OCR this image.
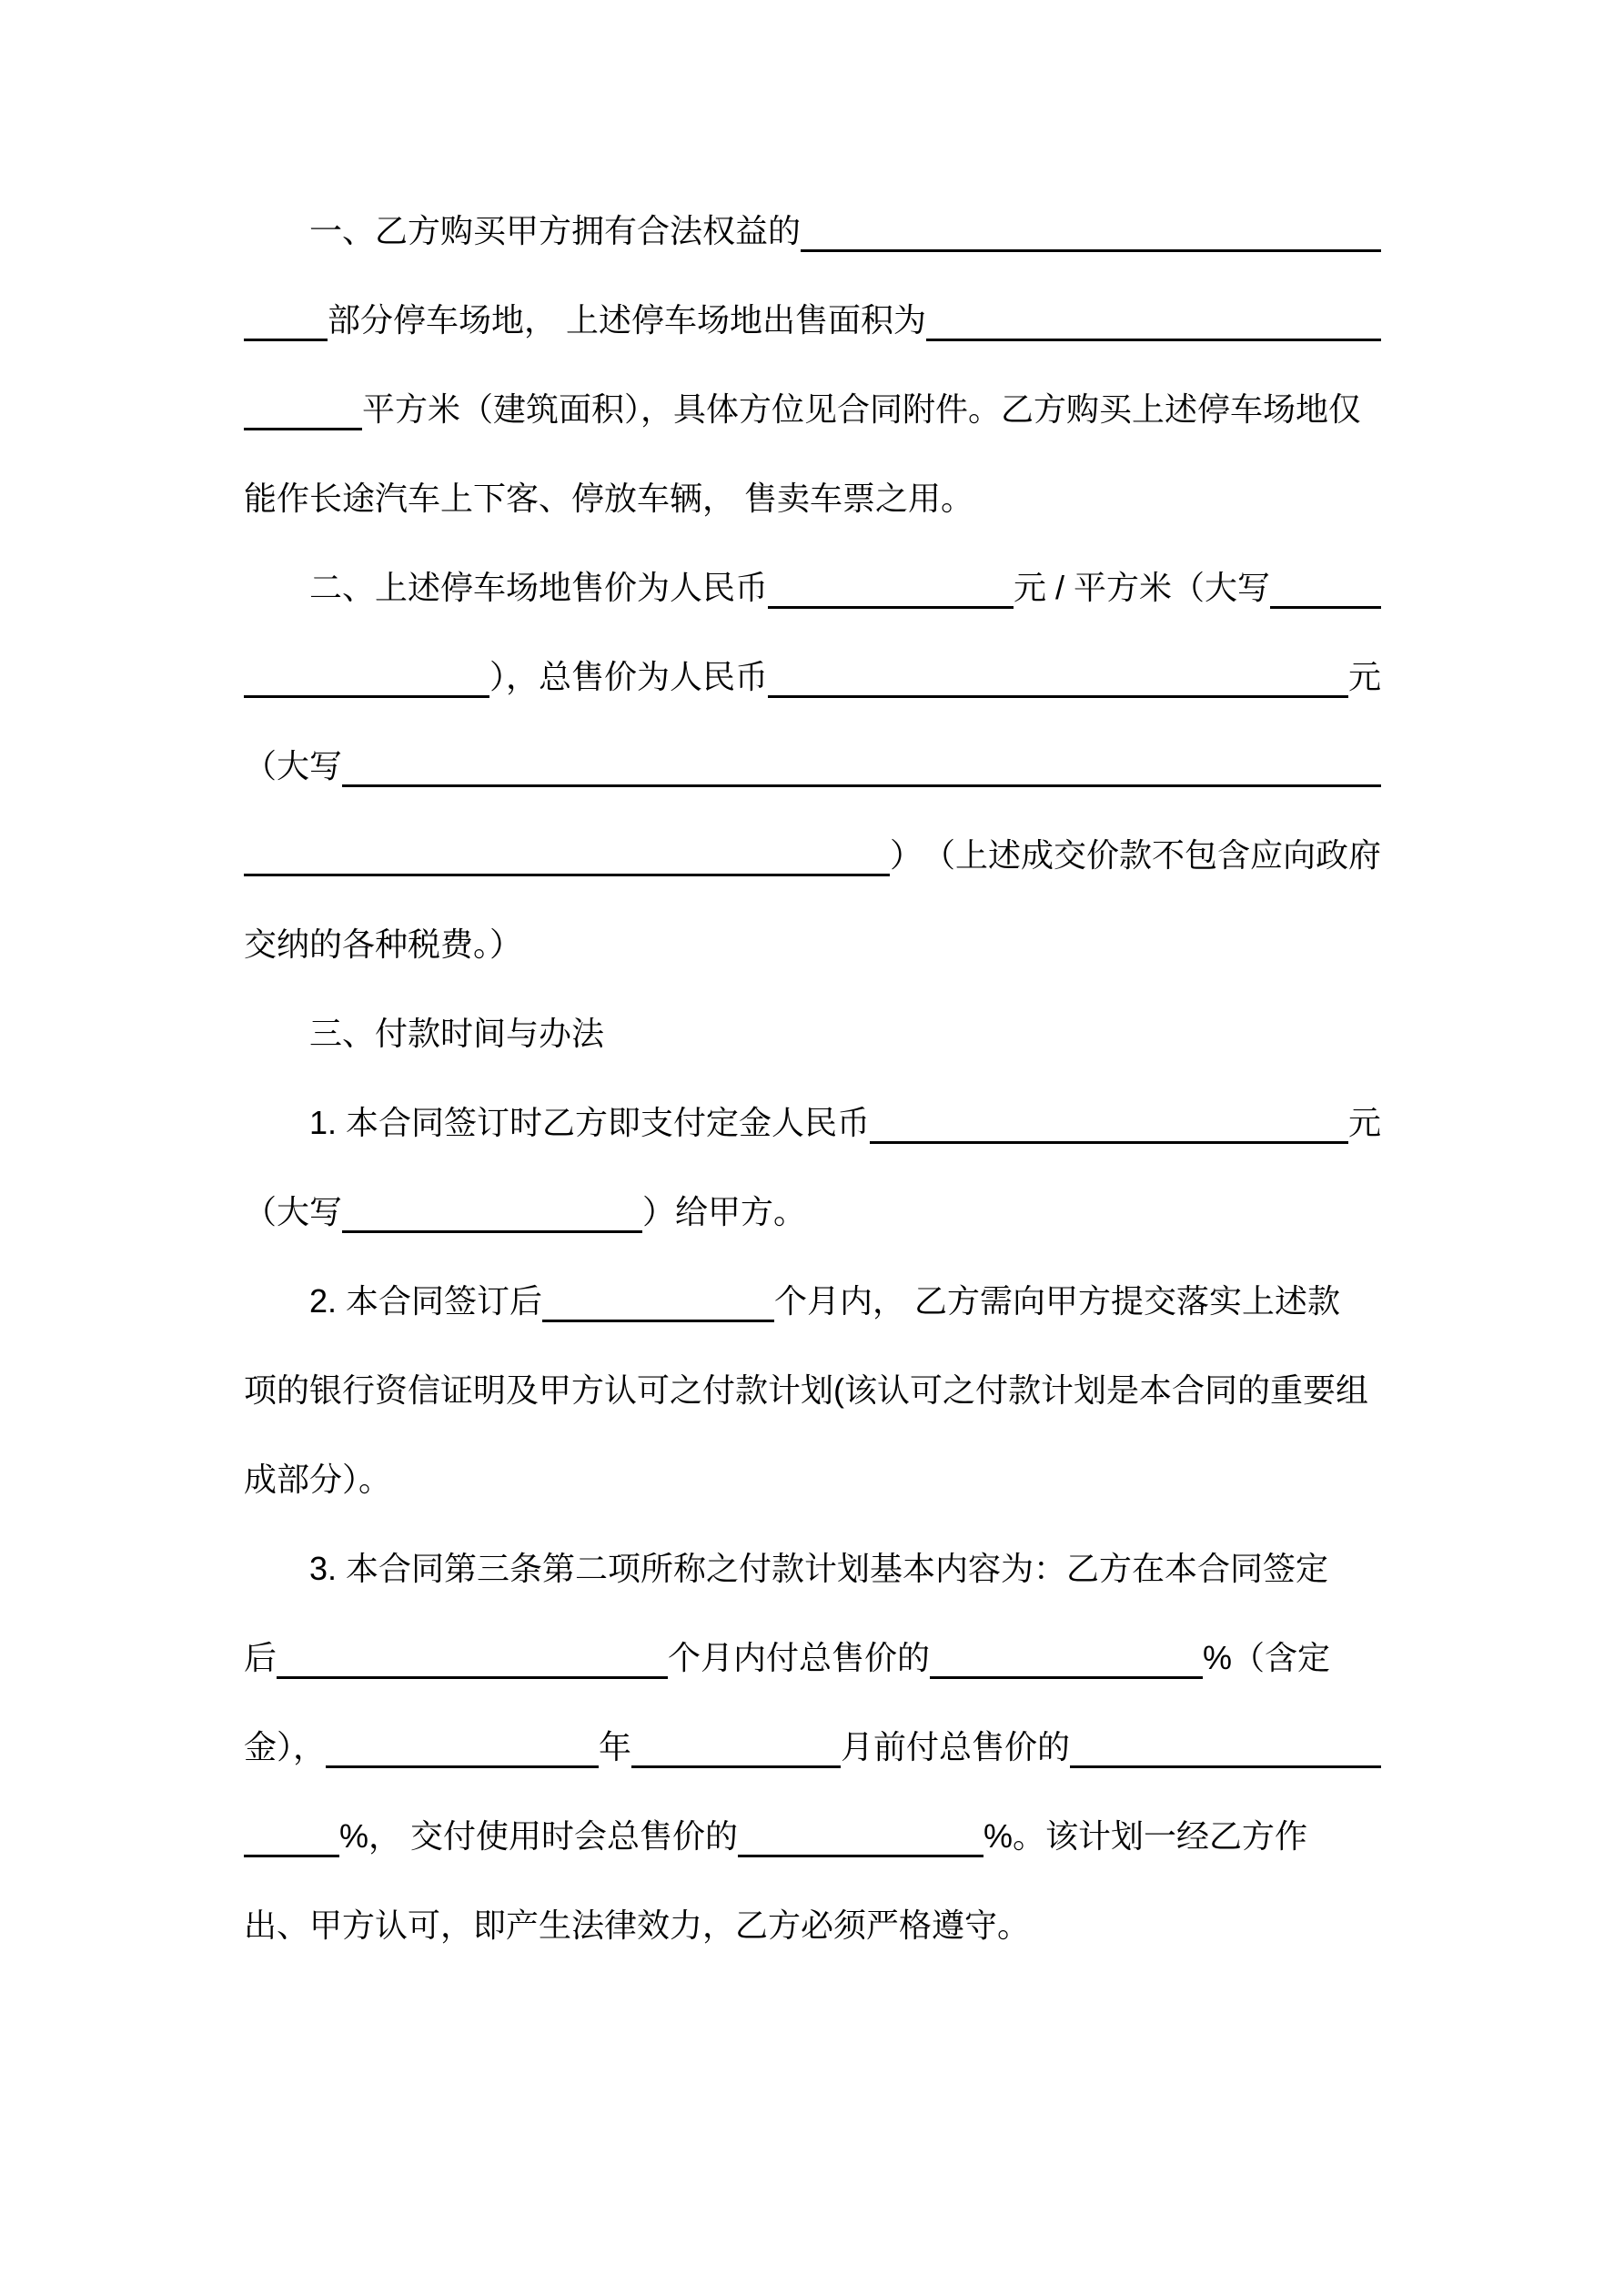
　　一、乙方购买甲方拥有合法权益的

部分停车场地， 上述停车场地出售面积为

平方米（建筑面积），具体方位见合同附件。乙方购买上述停车场地仅
能作长途汽车上下客、停放车辆， 售卖车票之用。
　　二、上述停车场地售价为人民币
	元 / 平方米（大写

），总售价为人民币
	元
（大写

）　（上述成交价款不包含应向政府
交纳的各种税费。）
　　三、付款时间与办法
　　1. 本合同签订时乙方即支付定金人民币
	元
（大写
	）给甲方。
　　2. 本合同签订后
	个月内， 乙方需向甲方提交落实上述款
项的银行资信证明及甲方认可之付款计划(该认可之付款计划是本合同的重要组
成部分）。
　　3. 本合同第三条第二项所称之付款计划基本内容为：乙方在本合同签定
后
	个月内付总售价的
	%（含定
金），
	年
	月前付总售价的

%， 交付使用时会总售价的
	%。该计划一经乙方作
出、甲方认可，即产生法律效力，乙方必须严格遵守。
